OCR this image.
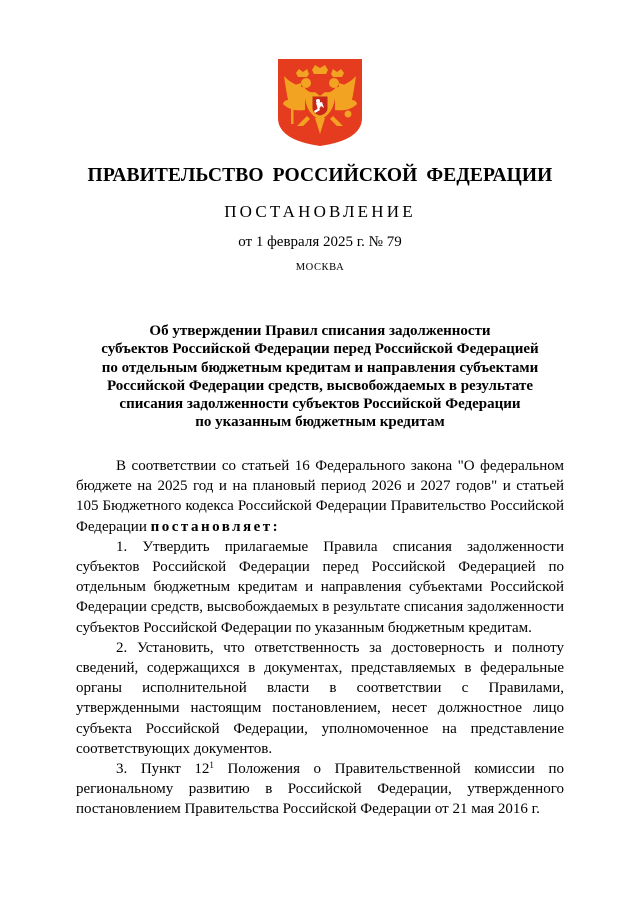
ПРАВИТЕЛЬСТВО РОССИЙСКОЙ ФЕДЕРАЦИИ
ПОСТАНОВЛЕНИЕ
от 1 февраля 2025 г. № 79
МОСКВА
Об утверждении Правил списания задолженности
субъектов Российской Федерации перед Российской Федерацией
по отдельным бюджетным кредитам и направления субъектами
Российской Федерации средств, высвобождаемых в результате
списания задолженности субъектов Российской Федерации
по указанным бюджетным кредитам

В соответствии со статьей 16 Федерального закона "О федеральном бюджете на 2025 год и на плановый период 2026 и 2027 годов" и статьей 105 Бюджетного кодекса Российской Федерации Правительство Российской Федерации постановляет:

1. Утвердить прилагаемые Правила списания задолженности субъектов Российской Федерации перед Российской Федерацией по отдельным бюджетным кредитам и направления субъектами Российской Федерации средств, высвобождаемых в результате списания задолженности субъектов Российской Федерации по указанным бюджетным кредитам.

2. Установить, что ответственность за достоверность и полноту сведений, содержащихся в документах, представляемых в федеральные органы исполнительной власти в соответствии с Правилами, утвержденными настоящим постановлением, несет должностное лицо субъекта Российской Федерации, уполномоченное на представление соответствующих документов.

3. Пункт $12^1$ Положения о Правительственной комиссии по региональному развитию в Российской Федерации, утвержденного постановлением Правительства Российской Федерации от 21 мая 2016 г.
